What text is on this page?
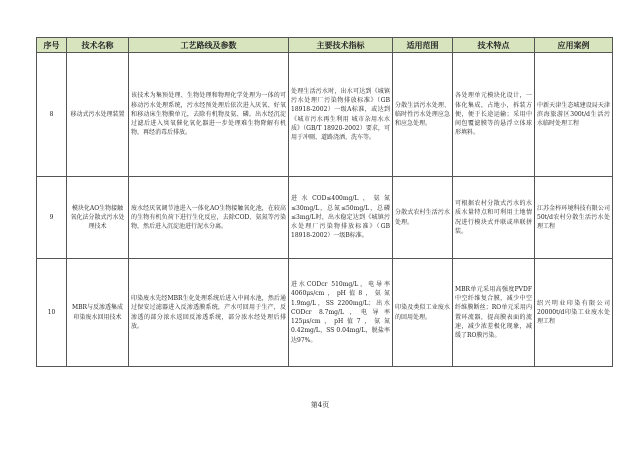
序号	技术名称	工艺路线及参数	主要技术指标	适用范围	技术特点	应用案例
8	移动式污水处理装置	该技术为集预处理、生物处理和物理化学处理为一体的可移动污水处理系统，污水经预处理后依次进入厌氧、好氧和移动床生物膜单元，去除有机物及氨、磷。出水经沉淀过滤后进入臭氧催化氧化器进一步处理难生物降解有机物，再经消毒后排放。	处理生活污水时，出水可达到《城镇污水处理厂污染物排放标准》（GB 18918-2002）一级A标准，或达到《城市污水再生利用 城市杂用水水质》（GB/T 18920-2002）要求，可用于冲厕、道路浇洒、洗车等。	分散生活污水处理、临时性污水处理应急和应急处理。	各处理单元模块化设计，一体化集成，占地小，拆装方便，便于长途运输；采用中间包覆滤膜等的悬浮立体球形填料。	中新天津生态城建设局天津滨海旅游区300t/d生活污水临时处理工程
9	模块化AO生物接触氧化法分散式污水处理技术	废水经厌氧调节池进入一体化AO生物接触氧化池，在较高的生物有机负荷下进行生化反应，去除COD、氨氮等污染物，然后进入沉淀池进行泥水分离。	进水COD≤400mg/L，氨氮≤30mg/L，总氮≤50mg/L，总磷≤3mg/L时，出水稳定达到《城镇污水处理厂污染物排放标准》（GB 18918-2002）一级B标准。	分散式农村生活污水处理。	可根据农村分散式污水的水质水量特点和可利用土地情况进行模块式并联或串联拼装。	江苏金梓环境科技有限公司50t/d农村分散生活污水处理工程
10	MBR与反渗透集成印染废水回用技术	印染废水先经MBR生化处理系统后进入中间水池，然后通过保安过滤器进入反渗透膜系统，产水可回用于生产，反渗透的部分浓水返回反渗透系统，部分浓水经处理后排放。	进水CODcr 510mg/L，电导率4060μs/cm，pH值8，氨氮1.9mg/L，SS 2200mg/L；出水CODcr 8.7mg/L，电导率125μs/cm，pH值7，氨氮0.42mg/L，SS 0.04mg/L，脱盐率达97%。	印染及类似工业废水的回用处理。	MBR单元采用高强度PVDF中空纤维复合膜，减少中空纤维膜断丝；RO单元采用内置环流器，提高膜表面的流速，减少浓差极化现象，减缓了RO膜污染。	绍兴明业印染有限公司20000t/d印染工业废水处理工程
第4页
